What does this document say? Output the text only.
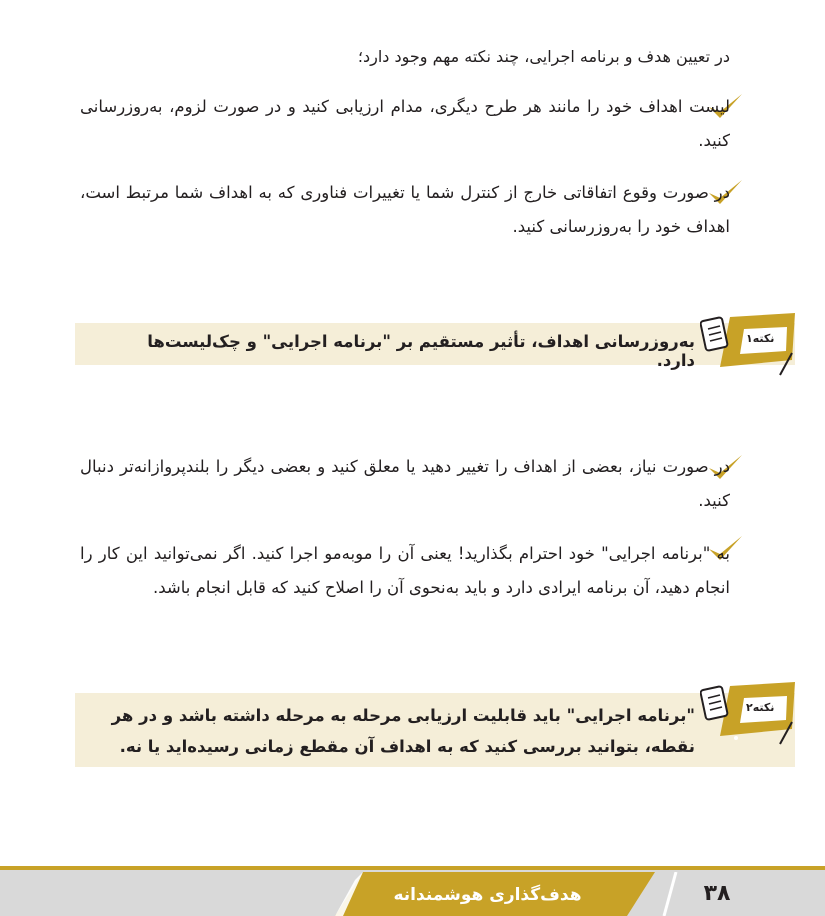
در تعیین هدف و برنامه اجرایی، چند نکته مهم وجود دارد؛
لیست اهداف خود را مانند هر طرح دیگری، مدام ارزیابی کنید و در صورت لزوم، به‌روزرسانی کنید.
در صورت وقوع اتفاقاتی خارج از کنترل شما یا تغییرات فناوری که به اهداف شما مرتبط است، اهداف خود را به‌روزرسانی کنید.
به‌روزرسانی اهداف، تأثیر مستقیم بر "برنامه اجرایی" و چک‌لیست‌ها دارد.
نکته۱
در صورت نیاز، بعضی از اهداف را تغییر دهید یا معلق کنید و بعضی دیگر را بلندپروازانه‌تر دنبال کنید.
به "برنامه اجرایی" خود احترام بگذارید! یعنی آن را موبه‌مو اجرا کنید. اگر نمی‌توانید این کار را انجام دهید، آن برنامه ایرادی دارد و باید به‌نحوی آن را اصلاح کنید که قابل انجام باشد.
"برنامه اجرایی" باید قابلیت ارزیابی مرحله به مرحله داشته باشد و در هر نقطه، بتوانید بررسی کنید که به اهداف آن مقطع زمانی رسیده‌اید یا نه.
نکته۲
هدف‌گذاری هوشمندانه	۳۸
